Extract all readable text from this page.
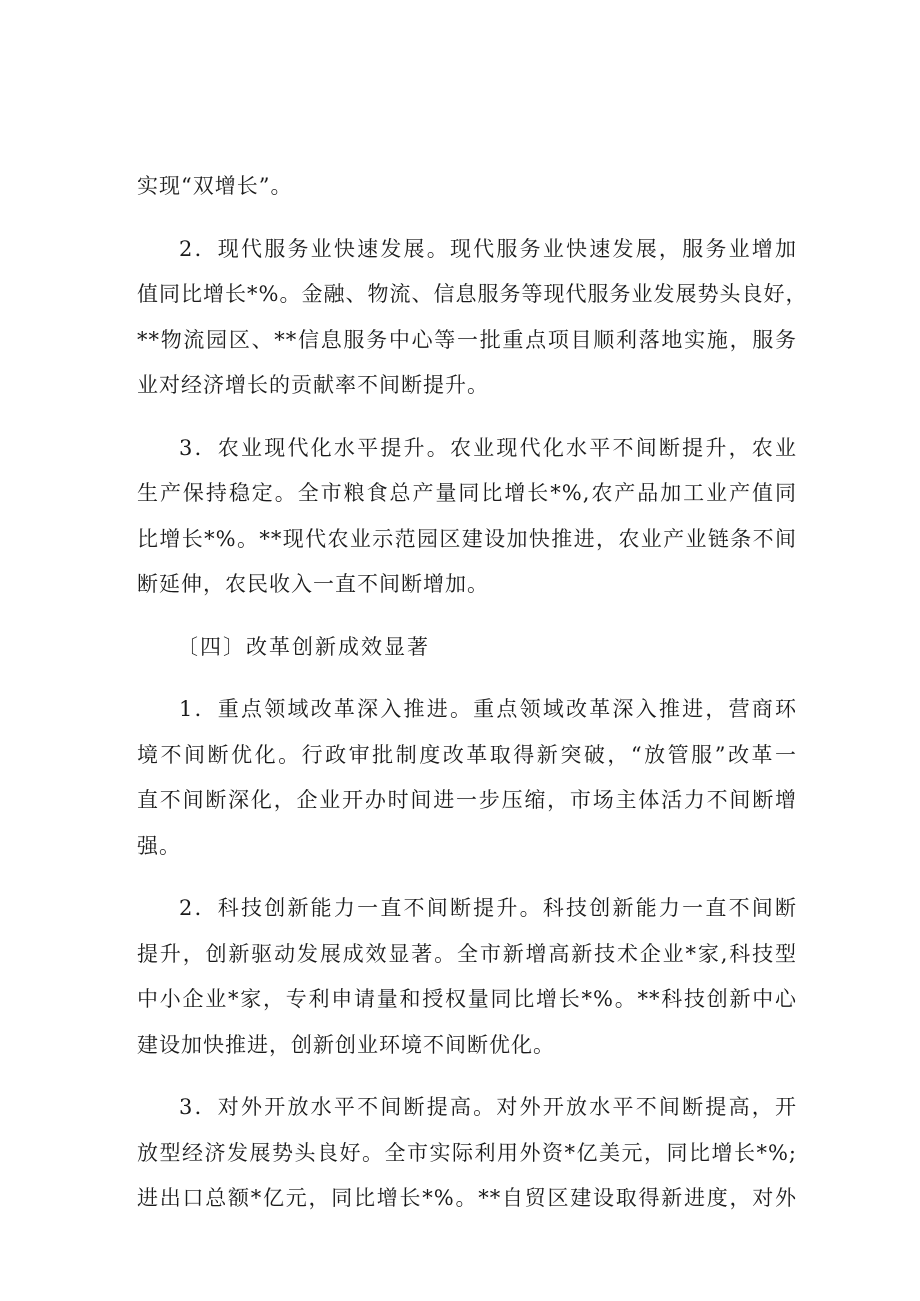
实现“双增长”。
2．现代服务业快速发展。现代服务业快速发展，服务业增加
值同比增长*%。金融、物流、信息服务等现代服务业发展势头良好，
**物流园区、**信息服务中心等一批重点项目顺利落地实施，服务
业对经济增长的贡献率不间断提升。
3．农业现代化水平提升。农业现代化水平不间断提升，农业
生产保持稳定。全市粮食总产量同比增长*%,农产品加工业产值同
比增长*%。**现代农业示范园区建设加快推进，农业产业链条不间
断延伸，农民收入一直不间断增加。
〔四〕改革创新成效显著
1．重点领域改革深入推进。重点领域改革深入推进，营商环
境不间断优化。行政审批制度改革取得新突破，“放管服”改革一
直不间断深化，企业开办时间进一步压缩，市场主体活力不间断增
强。
2．科技创新能力一直不间断提升。科技创新能力一直不间断
提升，创新驱动发展成效显著。全市新增高新技术企业*家,科技型
中小企业*家，专利申请量和授权量同比增长*%。**科技创新中心
建设加快推进，创新创业环境不间断优化。
3．对外开放水平不间断提高。对外开放水平不间断提高，开
放型经济发展势头良好。全市实际利用外资*亿美元，同比增长*%;
进出口总额*亿元，同比增长*%。**自贸区建设取得新进度，对外
